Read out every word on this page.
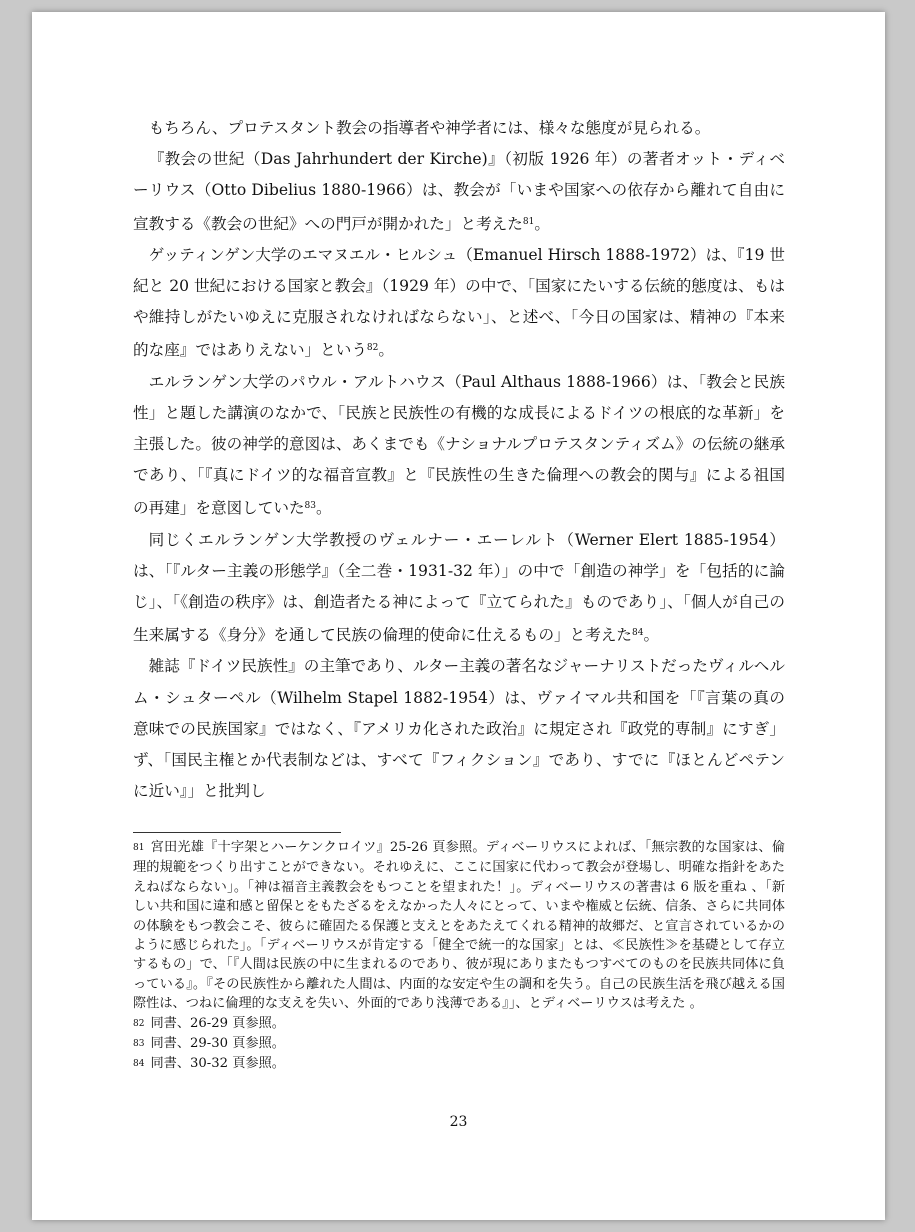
もちろん、プロテスタント教会の指導者や神学者には、様々な態度が見られる。

『教会の世紀（Das Jahrhundert der Kirche)』（初版 1926 年）の著者オット・ディベーリウス（Otto Dibelius 1880-1966）は、教会が「いまや国家への依存から離れて自由に宣教する《教会の世紀》への門戸が開かれた」と考えた$^{81}$。

ゲッティンゲン大学のエマヌエル・ヒルシュ（Emanuel Hirsch 1888-1972）は、『19 世紀と 20 世紀における国家と教会』（1929 年）の中で、「国家にたいする伝統的態度は、もはや維持しがたいゆえに克服されなければならない」、と述べ、「今日の国家は、精神の『本来的な座』ではありえない」という$^{82}$。

エルランゲン大学のパウル・アルトハウス（Paul Althaus 1888-1966）は、「教会と民族性」と題した講演のなかで、「民族と民族性の有機的な成長によるドイツの根底的な革新」を主張した。彼の神学的意図は、あくまでも《ナショナルプロテスタンティズム》の伝統の継承であり、「『真にドイツ的な福音宣教』と『民族性の生きた倫理への教会的関与』による祖国の再建」を意図していた$^{83}$。

同じくエルランゲン大学教授のヴェルナー・エーレルト（Werner Elert 1885-1954）は、「『ルター主義の形態学』（全二巻・1931-32 年）」の中で「創造の神学」を「包括的に論じ」、「《創造の秩序》は、創造者たる神によって『立てられた』ものであり」、「個人が自己の生来属する《身分》を通して民族の倫理的使命に仕えるもの」と考えた$^{84}$。

雑誌『ドイツ民族性』の主筆であり、ルター主義の著名なジャーナリストだったヴィルヘルム・シュターペル（Wilhelm Stapel 1882-1954）は、ヴァイマル共和国を「『言葉の真の意味での民族国家』ではなく、『アメリカ化された政治』に規定され『政党的専制』にすぎ」ず、「国民主権とか代表制などは、すべて『フィクション』であり、すでに『ほとんどペテンに近い』」と批判し

81 宮田光雄『十字架とハーケンクロイツ』25-26 頁参照。ディベーリウスによれば、「無宗教的な国家は、倫理的規範をつくり出すことができない。それゆえに、ここに国家に代わって教会が登場し、明確な指針をあたえねばならない」。「神は福音主義教会をもつことを望まれた！」。ディベーリウスの著書は 6 版を重ね 、「新しい共和国に違和感と留保とをもたざるをえなかった人々にとって、いまや権威と伝統、信条、さらに共同体の体験をもつ教会こそ、彼らに確固たる保護と支えとをあたえてくれる精神的故郷だ、と宣言されているかのように感じられた」。「ディベーリウスが肯定する「健全で統一的な国家」とは、≪民族性≫を基礎として存立するもの」で、「『人間は民族の中に生まれるのであり、彼が現にありまたもつすべてのものを民族共同体に負っている』。『その民族性から離れた人間は、内面的な安定や生の調和を失う。自己の民族生活を飛び越える国際性は、つねに倫理的な支えを失い、外面的であり浅薄である』」、とディベーリウスは考えた 。

82 同書、26-29 頁参照。

83 同書、29-30 頁参照。

84 同書、30-32 頁参照。

23
